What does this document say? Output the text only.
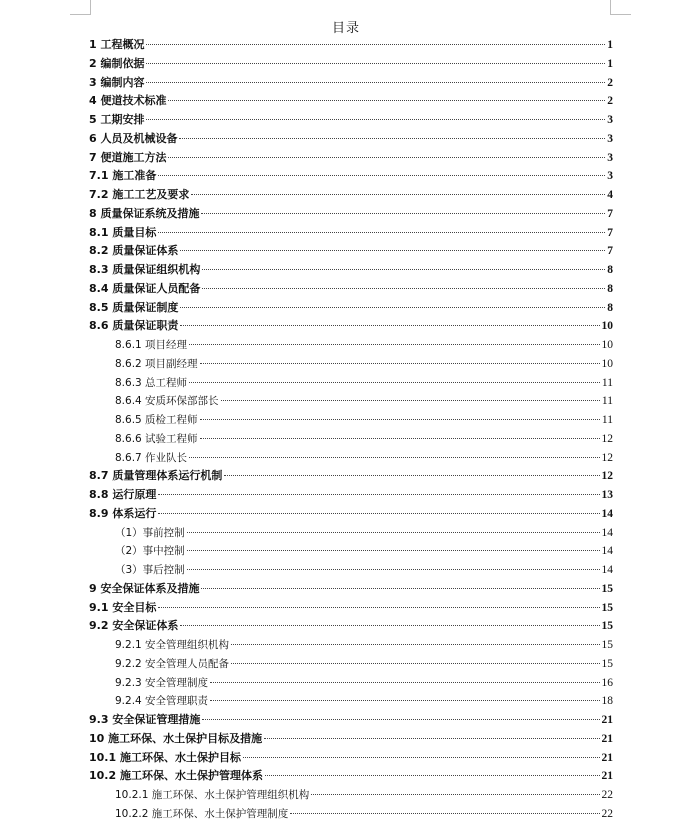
目录
1 工程概况	1
2 编制依据	1
3 编制内容	2
4 便道技术标准	2
5 工期安排	3
6 人员及机械设备	3
7 便道施工方法	3
7.1 施工准备	3
7.2 施工工艺及要求	4
8 质量保证系统及措施	7
8.1 质量目标	7
8.2 质量保证体系	7
8.3 质量保证组织机构	8
8.4 质量保证人员配备	8
8.5 质量保证制度	8
8.6 质量保证职责	10
8.6.1 项目经理	10
8.6.2 项目副经理	10
8.6.3 总工程师	11
8.6.4 安质环保部部长	11
8.6.5 质检工程师	11
8.6.6 试验工程师	12
8.6.7 作业队长	12
8.7 质量管理体系运行机制	12
8.8 运行原理	13
8.9 体系运行	14
（1）事前控制	14
（2）事中控制	14
（3）事后控制	14
9 安全保证体系及措施	15
9.1 安全目标	15
9.2 安全保证体系	15
9.2.1 安全管理组织机构	15
9.2.2 安全管理人员配备	15
9.2.3 安全管理制度	16
9.2.4 安全管理职责	18
9.3 安全保证管理措施	21
10 施工环保、水土保护目标及措施	21
10.1 施工环保、水土保护目标	21
10.2 施工环保、水土保护管理体系	21
10.2.1 施工环保、水土保护管理组织机构	22
10.2.2 施工环保、水土保护管理制度	22
